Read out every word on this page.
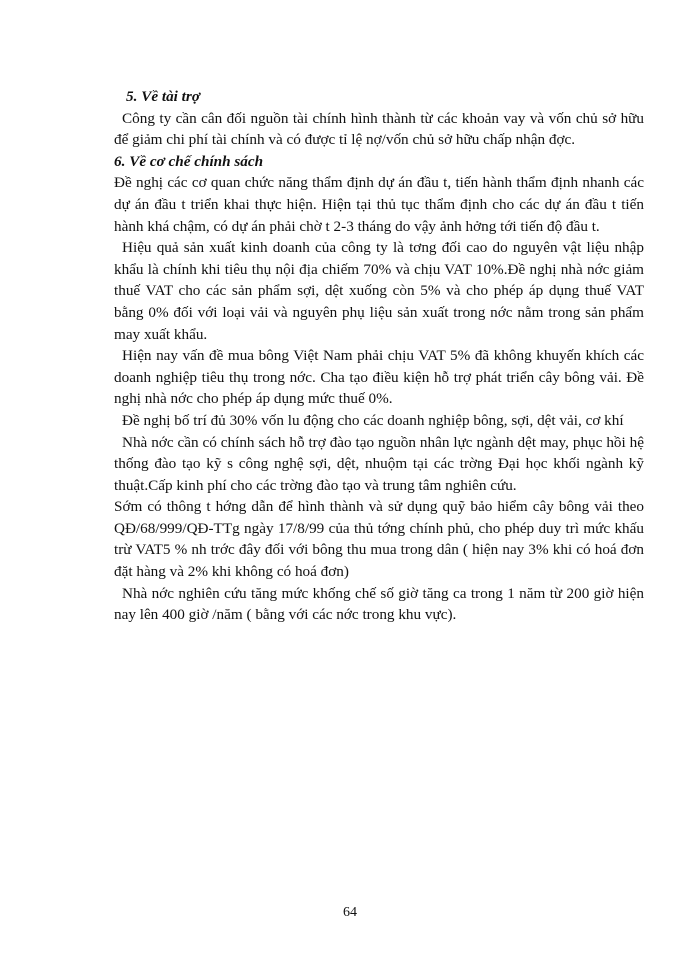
5. Về tài trợ

Công ty cần cân đối nguồn tài chính hình thành từ các khoản vay và vốn chủ sở hữu để giảm chi phí tài chính và có được tỉ lệ nợ/vốn chủ sở hữu chấp nhận đợc.

6. Về cơ chế chính sách

Đề nghị các cơ quan chức năng thẩm định dự án đầu t, tiến hành thẩm định nhanh các dự án đầu t triển khai thực hiện. Hiện tại thủ tục thẩm định cho các dự án đầu t tiến hành khá chậm, có dự án phải chờ t 2-3 tháng do vậy ảnh hởng tới tiến độ đầu t.

Hiệu quả sản xuất kinh doanh của công ty là tơng đối cao do nguyên vật liệu nhập khẩu là chính khi tiêu thụ nội địa chiếm 70% và chịu VAT 10%.Đề nghị nhà nớc giảm thuế VAT cho các sản phẩm sợi, dệt xuống còn 5% và cho phép áp dụng thuế VAT bằng 0% đối với loại vải và nguyên phụ liệu sản xuất trong nớc nằm trong sản phẩm may xuất khẩu.

Hiện nay vấn đề mua bông Việt Nam phải chịu VAT 5% đã không khuyến khích các doanh nghiệp tiêu thụ trong nớc. Cha tạo điều kiện hỗ trợ phát triển cây bông vải. Đề nghị nhà nớc cho phép áp dụng mức thuế 0%.

Đề nghị bố trí đủ 30% vốn lu động cho các doanh nghiệp bông, sợi, dệt vải, cơ khí

Nhà nớc cần có chính sách hỗ trợ đào tạo nguồn nhân lực ngành dệt may, phục hồi hệ thống đào tạo kỹ s công nghệ sợi, dệt, nhuộm tại các trờng Đại học khối ngành kỹ thuật.Cấp kinh phí cho các trờng đào tạo và trung tâm nghiên cứu.

Sớm có thông t hớng dẫn để hình thành và sử dụng quỹ bảo hiểm cây bông vải theo QĐ/68/999/QĐ-TTg ngày 17/8/99 của thủ tớng chính phủ, cho phép duy trì mức khấu trừ VAT5 % nh trớc đây đối với bông thu mua trong dân ( hiện nay 3% khi có hoá đơn đặt hàng và 2% khi không có hoá đơn)

Nhà nớc nghiên cứu tăng mức khống chế số giờ tăng ca trong 1 năm từ 200 giờ hiện nay lên 400 giờ /năm ( bằng với các nớc trong khu vực).

64
